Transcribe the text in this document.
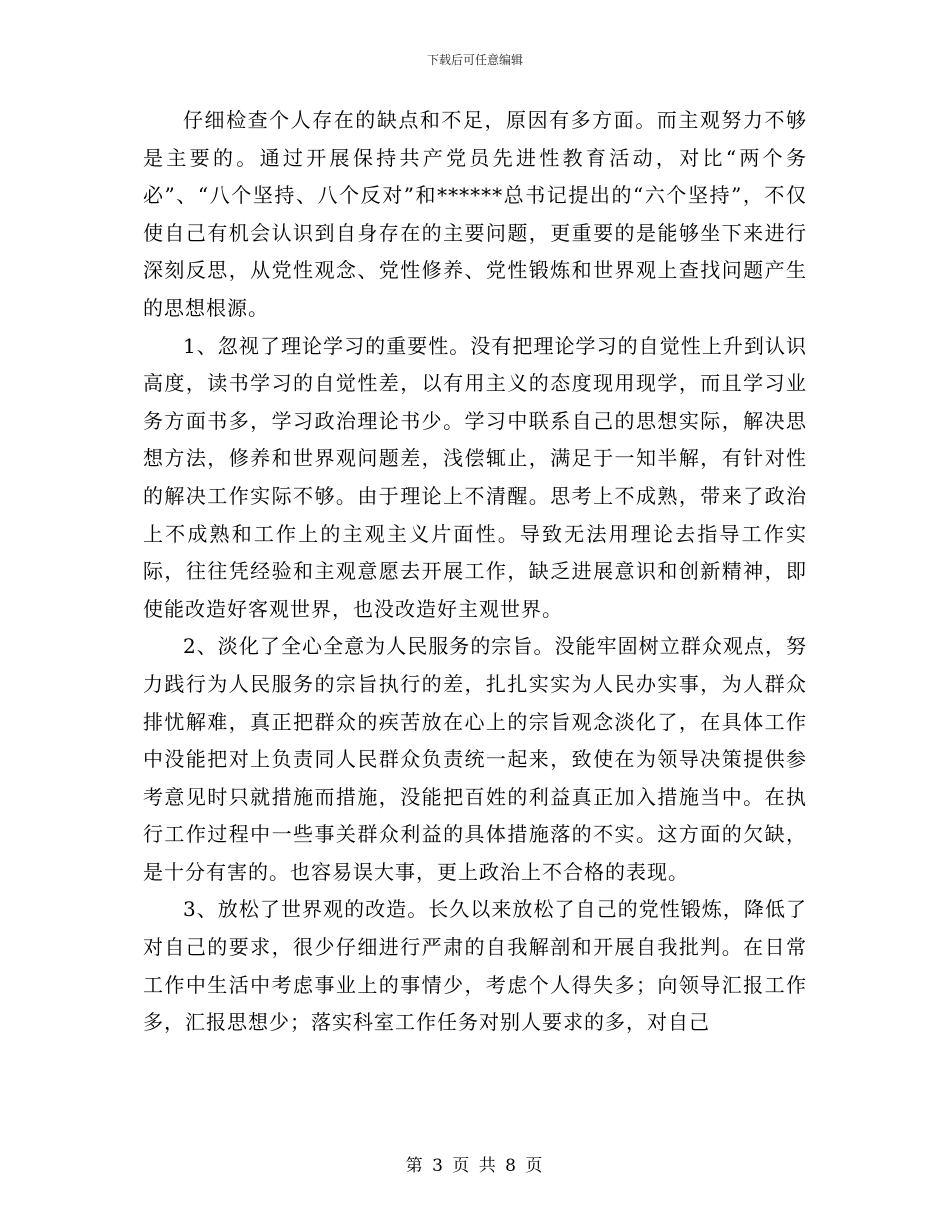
下载后可任意编辑

仔细检查个人存在的缺点和不足，原因有多方面。而主观努力不够是主要的。通过开展保持共产党员先进性教育活动，对比“两个务必”、“八个坚持、八个反对”和******总书记提出的“六个坚持”，不仅使自己有机会认识到自身存在的主要问题，更重要的是能够坐下来进行深刻反思，从党性观念、党性修养、党性锻炼和世界观上查找问题产生的思想根源。

1、忽视了理论学习的重要性。没有把理论学习的自觉性上升到认识高度，读书学习的自觉性差，以有用主义的态度现用现学，而且学习业务方面书多，学习政治理论书少。学习中联系自己的思想实际，解决思想方法，修养和世界观问题差，浅偿辄止，满足于一知半解，有针对性的解决工作实际不够。由于理论上不清醒。思考上不成熟，带来了政治上不成熟和工作上的主观主义片面性。导致无法用理论去指导工作实际，往往凭经验和主观意愿去开展工作，缺乏进展意识和创新精神，即使能改造好客观世界，也没改造好主观世界。

2、淡化了全心全意为人民服务的宗旨。没能牢固树立群众观点，努力践行为人民服务的宗旨执行的差，扎扎实实为人民办实事，为人群众排忧解难，真正把群众的疾苦放在心上的宗旨观念淡化了，在具体工作中没能把对上负责同人民群众负责统一起来，致使在为领导决策提供参考意见时只就措施而措施，没能把百姓的利益真正加入措施当中。在执行工作过程中一些事关群众利益的具体措施落的不实。这方面的欠缺，是十分有害的。也容易误大事，更上政治上不合格的表现。

3、放松了世界观的改造。长久以来放松了自己的党性锻炼，降低了对自己的要求，很少仔细进行严肃的自我解剖和开展自我批判。在日常工作中生活中考虑事业上的事情少，考虑个人得失多；向领导汇报工作多，汇报思想少；落实科室工作任务对别人要求的多，对自己

第 3 页 共 8 页
